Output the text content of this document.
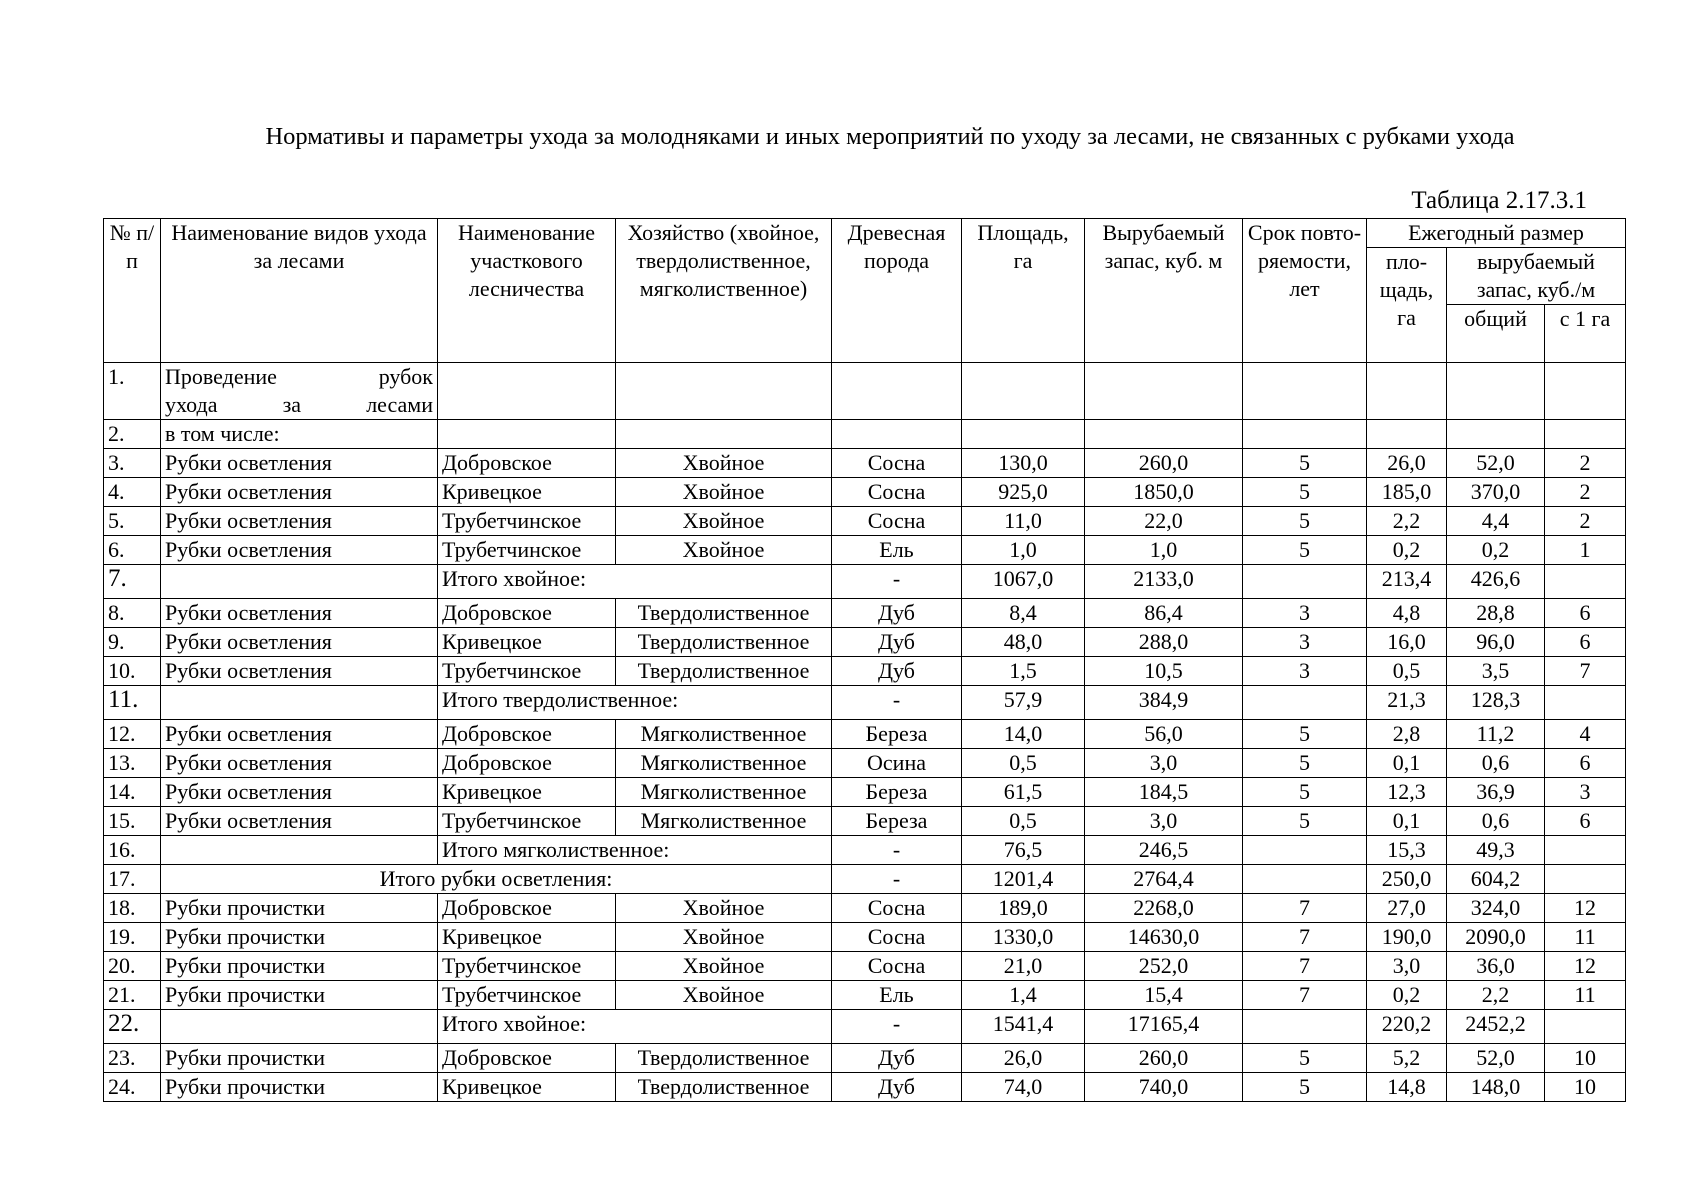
Нормативы и параметры ухода за молодняками и иных мероприятий по уходу за лесами, не связанных с рубками ухода
Таблица 2.17.3.1
№ п/п	Наименование видов ухода за лесами	Наименование участкового лесничества	Хозяйство (хвойное, твердолиственное, мягколиственное)	Древесная порода	Площадь, га	Вырубаемый запас, куб. м	Срок повто-ряемости, лет	Ежегодный размер		
								пло-щадь, га	вырубаемый запас, куб./м	
									общий	с 1 га
1.	Проведение рубок
ухода за лесами									

2.	в том числе:									
3.	Рубки осветления	Добровское	Хвойное	Сосна	130,0	260,0	5	26,0	52,0	2
4.	Рубки осветления	Кривецкое	Хвойное	Сосна	925,0	1850,0	5	185,0	370,0	2
5.	Рубки осветления	Трубетчинское	Хвойное	Сосна	11,0	22,0	5	2,2	4,4	2
6.	Рубки осветления	Трубетчинское	Хвойное	Ель	1,0	1,0	5	0,2	0,2	1
7.		Итого хвойное:		-	1067,0	2133,0		213,4	426,6	
8.	Рубки осветления	Добровское	Твердолиственное	Дуб	8,4	86,4	3	4,8	28,8	6
9.	Рубки осветления	Кривецкое	Твердолиственное	Дуб	48,0	288,0	3	16,0	96,0	6
10.	Рубки осветления	Трубетчинское	Твердолиственное	Дуб	1,5	10,5	3	0,5	3,5	7
11.		Итого твердолиственное:		-	57,9	384,9		21,3	128,3	
12.	Рубки осветления	Добровское	Мягколиственное	Береза	14,0	56,0	5	2,8	11,2	4
13.	Рубки осветления	Добровское	Мягколиственное	Осина	0,5	3,0	5	0,1	0,6	6
14.	Рубки осветления	Кривецкое	Мягколиственное	Береза	61,5	184,5	5	12,3	36,9	3
15.	Рубки осветления	Трубетчинское	Мягколиственное	Береза	0,5	3,0	5	0,1	0,6	6
16.		Итого мягколиственное:		-	76,5	246,5		15,3	49,3	
17.	Итого рубки осветления:			-	1201,4	2764,4		250,0	604,2	
18.	Рубки прочистки	Добровское	Хвойное	Сосна	189,0	2268,0	7	27,0	324,0	12
19.	Рубки прочистки	Кривецкое	Хвойное	Сосна	1330,0	14630,0	7	190,0	2090,0	11
20.	Рубки прочистки	Трубетчинское	Хвойное	Сосна	21,0	252,0	7	3,0	36,0	12
21.	Рубки прочистки	Трубетчинское	Хвойное	Ель	1,4	15,4	7	0,2	2,2	11
22.		Итого хвойное:		-	1541,4	17165,4		220,2	2452,2	
23.	Рубки прочистки	Добровское	Твердолиственное	Дуб	26,0	260,0	5	5,2	52,0	10
24.	Рубки прочистки	Кривецкое	Твердолиственное	Дуб	74,0	740,0	5	14,8	148,0	10
